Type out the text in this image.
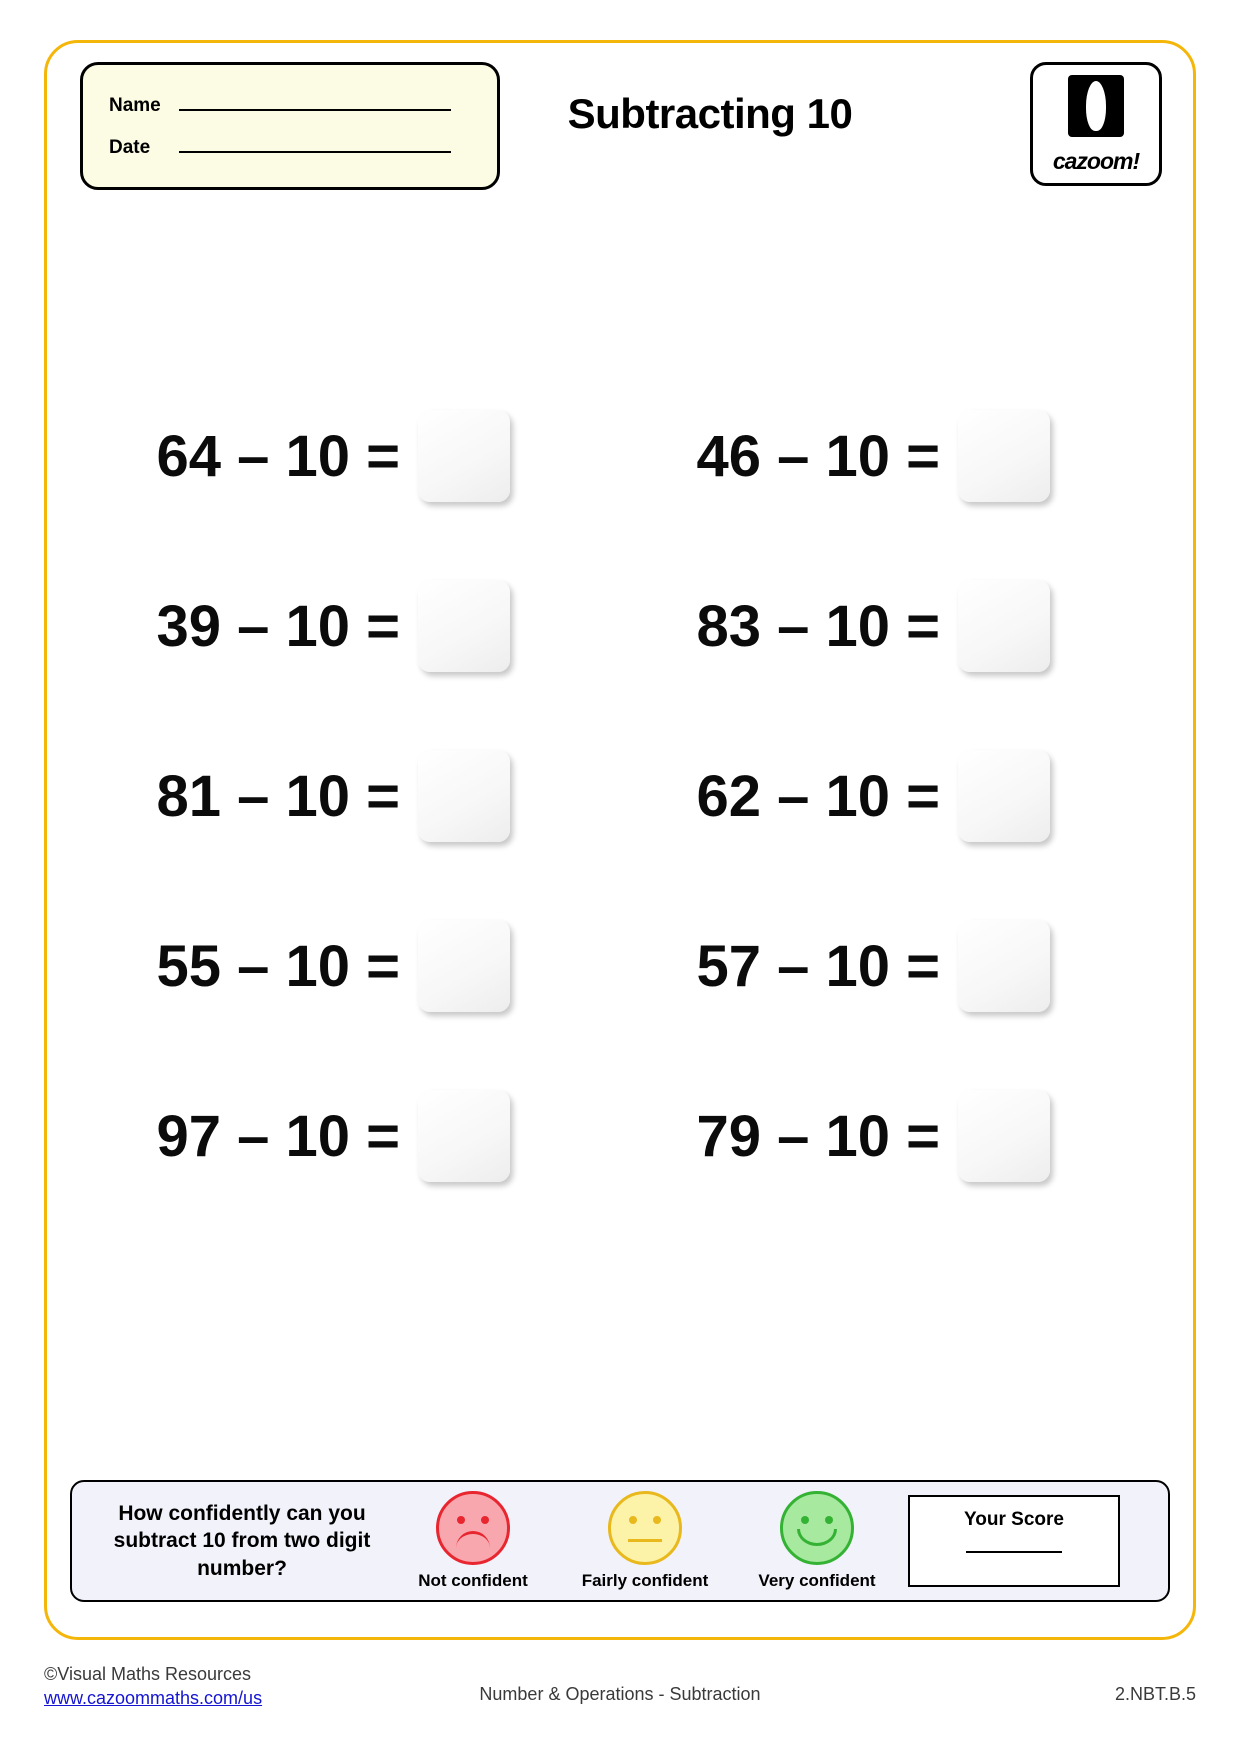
Name
Date
Subtracting 10
cazoom!
64 – 10 =	46 – 10 =
39 – 10 =	83 – 10 =
81 – 10 =	62 – 10 =
55 – 10 =	57 – 10 =
97 – 10 =	79 – 10 =
How confidently can you subtract 10 from two digit number?
Not confident	Fairly confident	Very confident
Your Score
©Visual Maths Resources
www.cazoommaths.com/us	Number & Operations - Subtraction	2.NBT.B.5
